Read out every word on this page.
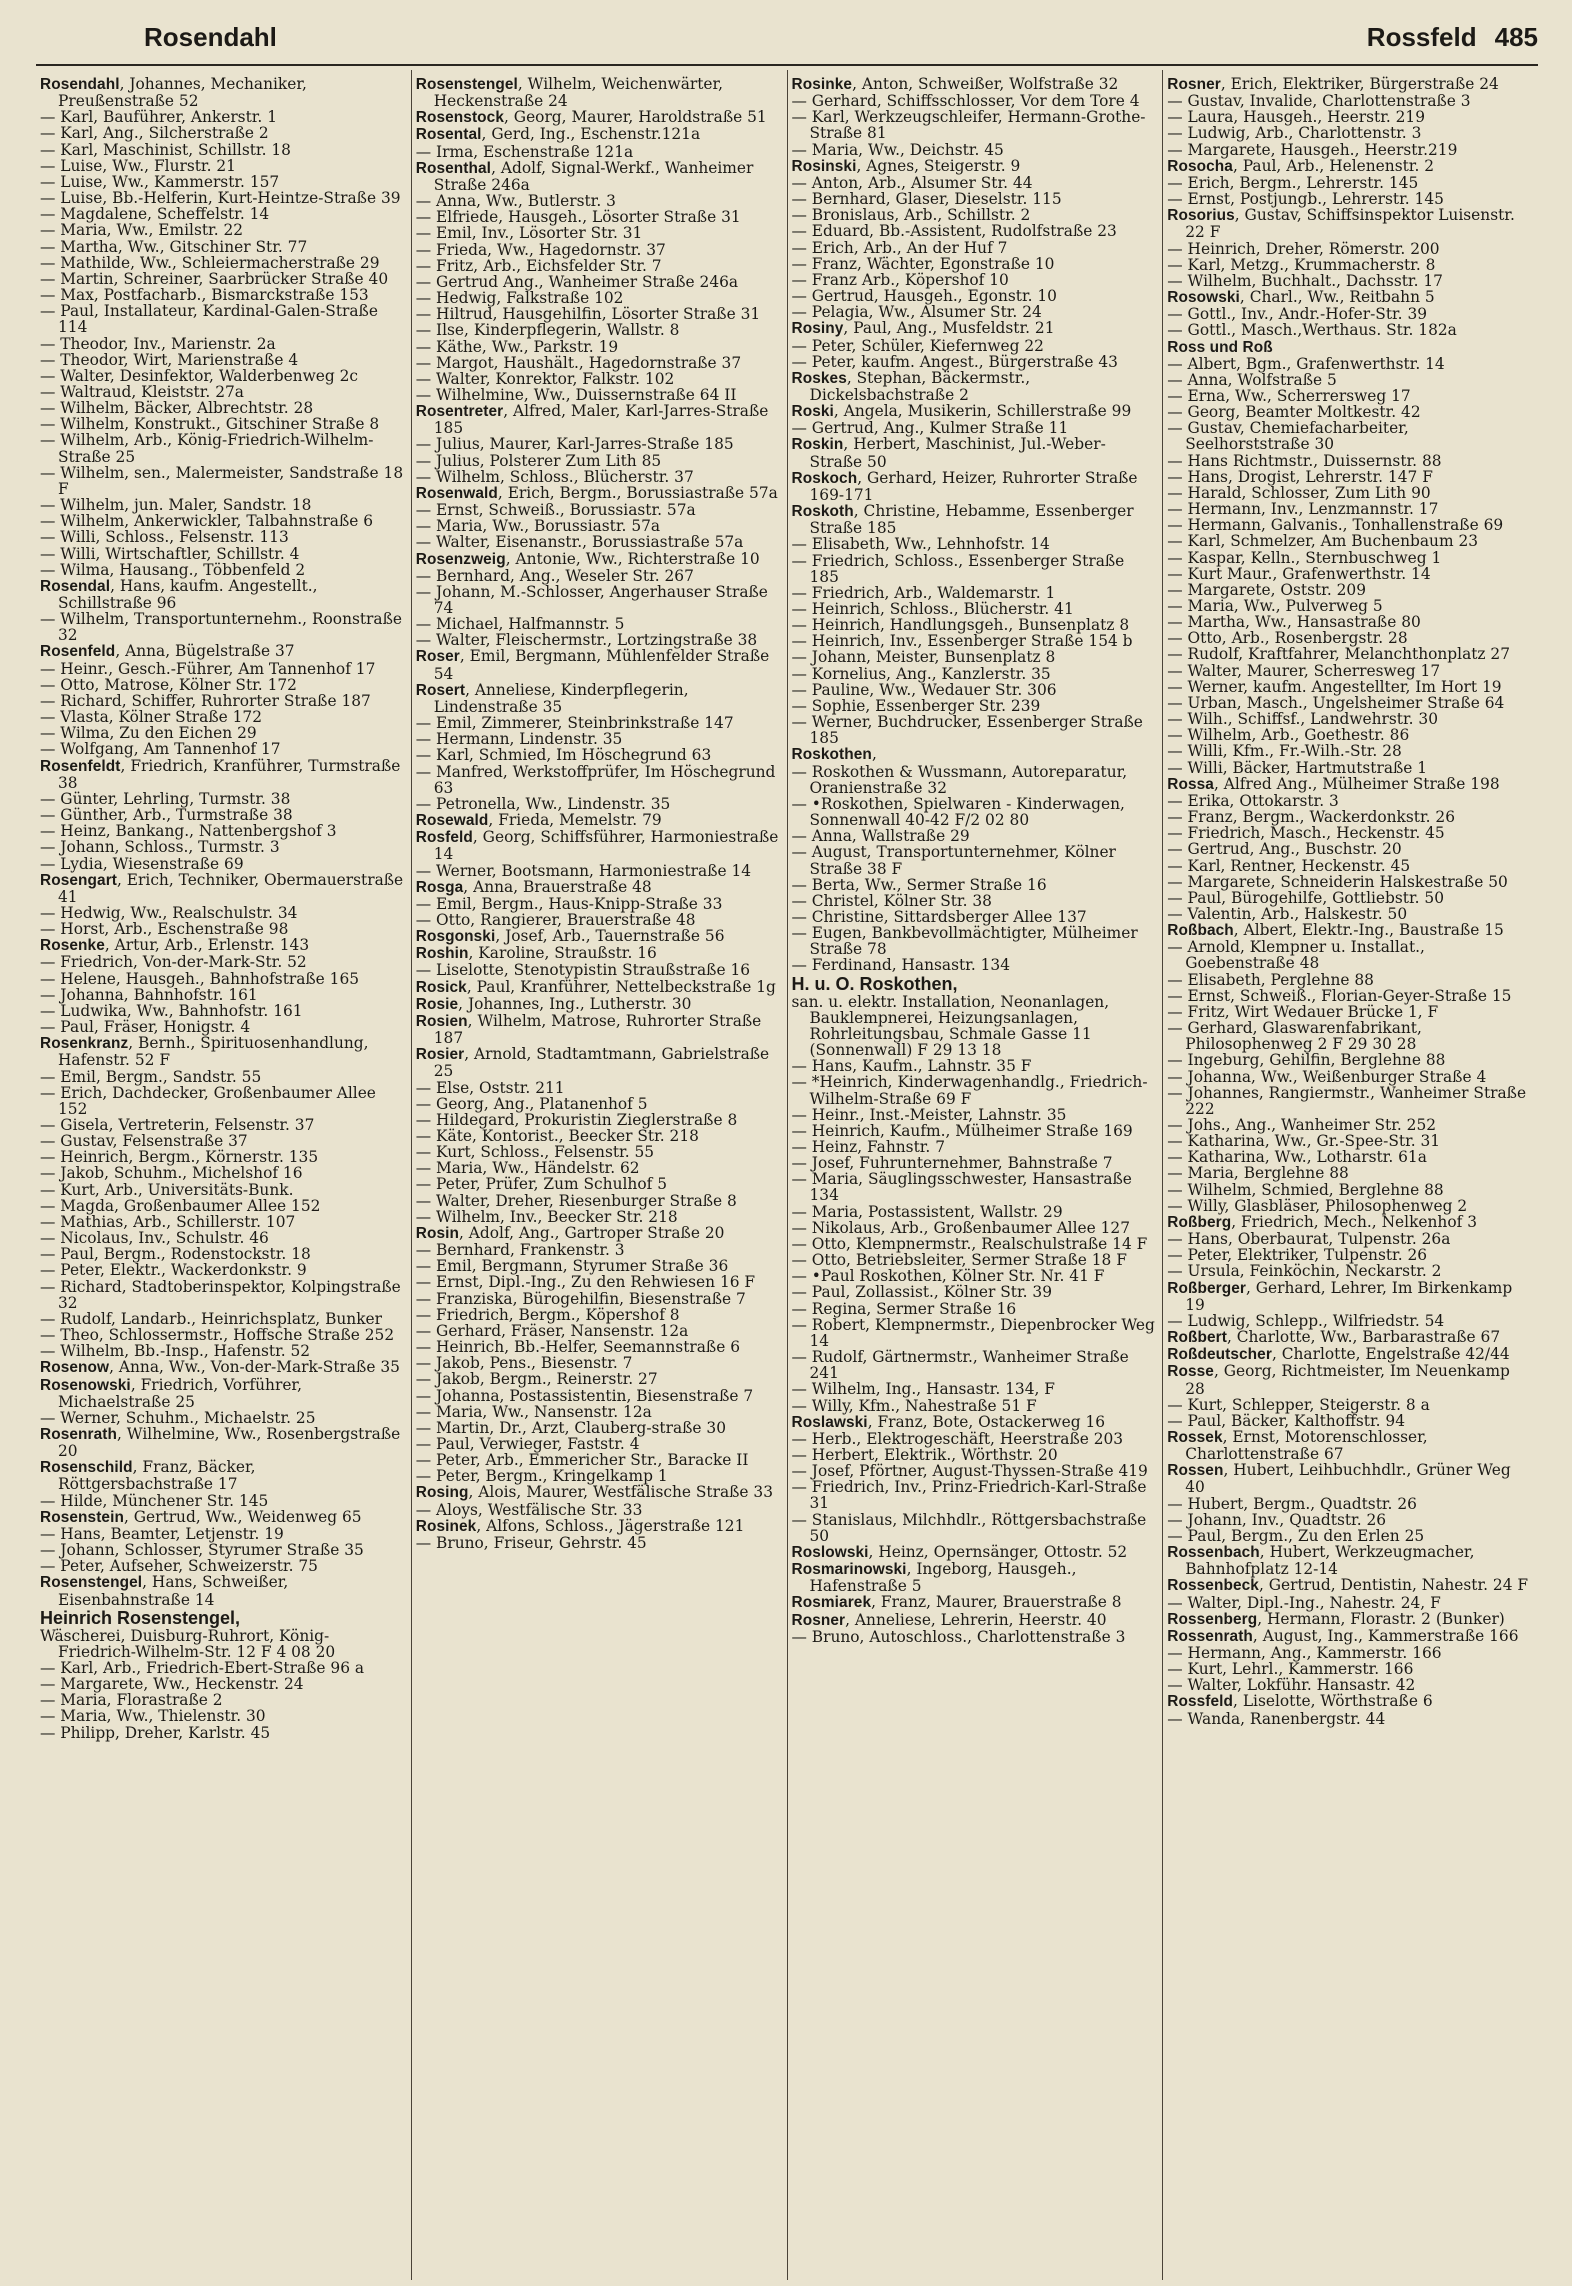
Rosendahl	Rossfeld 485

Rosendahl, Johannes, Mechaniker, Preußenstraße 52

— Karl, Bauführer, Ankerstr. 1

— Karl, Ang., Silcherstraße 2

— Karl, Maschinist, Schillstr. 18

— Luise, Ww., Flurstr. 21

— Luise, Ww., Kammerstr. 157

— Luise, Bb.-Helferin, Kurt-Heintze-Straße 39

— Magdalene, Scheffelstr. 14

— Maria, Ww., Emilstr. 22

— Martha, Ww., Gitschiner Str. 77

— Mathilde, Ww., Schleiermacherstraße 29

— Martin, Schreiner, Saarbrücker Straße 40

— Max, Postfacharb., Bismarckstraße 153

— Paul, Installateur, Kardinal-Galen-Straße 114

— Theodor, Inv., Marienstr. 2a

— Theodor, Wirt, Marienstraße 4

— Walter, Desinfektor, Walderbenweg 2c

— Waltraud, Kleiststr. 27a

— Wilhelm, Bäcker, Albrechtstr. 28

— Wilhelm, Konstrukt., Gitschiner Straße 8

— Wilhelm, Arb., König-Friedrich-Wilhelm-Straße 25

— Wilhelm, sen., Malermeister, Sandstraße 18 F

— Wilhelm, jun. Maler, Sandstr. 18

— Wilhelm, Ankerwickler, Talbahnstraße 6

— Willi, Schloss., Felsenstr. 113

— Willi, Wirtschaftler, Schillstr. 4

— Wilma, Hausang., Többenfeld 2

Rosendal, Hans, kaufm. Angestellt., Schillstraße 96

— Wilhelm, Transportunternehm., Roonstraße 32

Rosenfeld, Anna, Bügelstraße 37

— Heinr., Gesch.-Führer, Am Tannenhof 17

— Otto, Matrose, Kölner Str. 172

— Richard, Schiffer, Ruhrorter Straße 187

— Vlasta, Kölner Straße 172

— Wilma, Zu den Eichen 29

— Wolfgang, Am Tannenhof 17

Rosenfeldt, Friedrich, Kranführer, Turmstraße 38

— Günter, Lehrling, Turmstr. 38

— Günther, Arb., Turmstraße 38

— Heinz, Bankang., Nattenbergshof 3

— Johann, Schloss., Turmstr. 3

— Lydia, Wiesenstraße 69

Rosengart, Erich, Techniker, Obermauerstraße 41

— Hedwig, Ww., Realschulstr. 34

— Horst, Arb., Eschenstraße 98

Rosenke, Artur, Arb., Erlenstr. 143

— Friedrich, Von-der-Mark-Str. 52

— Helene, Hausgeh., Bahnhofstraße 165

— Johanna, Bahnhofstr. 161

— Ludwika, Ww., Bahnhofstr. 161

— Paul, Fräser, Honigstr. 4

Rosenkranz, Bernh., Spirituosenhandlung, Hafenstr. 52 F

— Emil, Bergm., Sandstr. 55

— Erich, Dachdecker, Großenbaumer Allee 152

— Gisela, Vertreterin, Felsenstr. 37

— Gustav, Felsenstraße 37

— Heinrich, Bergm., Körnerstr. 135

— Jakob, Schuhm., Michelshof 16

— Kurt, Arb., Universitäts-Bunk.

— Magda, Großenbaumer Allee 152

— Mathias, Arb., Schillerstr. 107

— Nicolaus, Inv., Schulstr. 46

— Paul, Bergm., Rodenstockstr. 18

— Peter, Elektr., Wackerdonkstr. 9

— Richard, Stadtoberinspektor, Kolpingstraße 32

— Rudolf, Landarb., Heinrichsplatz, Bunker

— Theo, Schlossermstr., Hoffsche Straße 252

— Wilhelm, Bb.-Insp., Hafenstr. 52

Rosenow, Anna, Ww., Von-der-Mark-Straße 35

Rosenowski, Friedrich, Vorführer, Michaelstraße 25

— Werner, Schuhm., Michaelstr. 25

Rosenrath, Wilhelmine, Ww., Rosenbergstraße 20

Rosenschild, Franz, Bäcker, Röttgersbachstraße 17

— Hilde, Münchener Str. 145

Rosenstein, Gertrud, Ww., Weidenweg 65

— Hans, Beamter, Letjenstr. 19

— Johann, Schlosser, Styrumer Straße 35

— Peter, Aufseher, Schweizerstr. 75

Rosenstengel, Hans, Schweißer, Eisenbahnstraße 14

Heinrich Rosenstengel,

Wäscherei, Duisburg-Ruhrort, König-Friedrich-Wilhelm-Str. 12 F 4 08 20

— Karl, Arb., Friedrich-Ebert-Straße 96 a

— Margarete, Ww., Heckenstr. 24

— Maria, Florastraße 2

— Maria, Ww., Thielenstr. 30

— Philipp, Dreher, Karlstr. 45

Rosenstengel, Wilhelm, Weichenwärter, Heckenstraße 24

Rosenstock, Georg, Maurer, Haroldstraße 51

Rosental, Gerd, Ing., Eschenstr.121a

— Irma, Eschenstraße 121a

Rosenthal, Adolf, Signal-Werkf., Wanheimer Straße 246a

— Anna, Ww., Butlerstr. 3

— Elfriede, Hausgeh., Lösorter Straße 31

— Emil, Inv., Lösorter Str. 31

— Frieda, Ww., Hagedornstr. 37

— Fritz, Arb., Eichsfelder Str. 7

— Gertrud Ang., Wanheimer Straße 246a

— Hedwig, Falkstraße 102

— Hiltrud, Hausgehilfin, Lösorter Straße 31

— Ilse, Kinderpflegerin, Wallstr. 8

— Käthe, Ww., Parkstr. 19

— Margot, Haushält., Hagedornstraße 37

— Walter, Konrektor, Falkstr. 102

— Wilhelmine, Ww., Duissernstraße 64 II

Rosentreter, Alfred, Maler, Karl-Jarres-Straße 185

— Julius, Maurer, Karl-Jarres-Straße 185

— Julius, Polsterer Zum Lith 85

— Wilhelm, Schloss., Blücherstr. 37

Rosenwald, Erich, Bergm., Borussiastraße 57a

— Ernst, Schweiß., Borussiastr. 57a

— Maria, Ww., Borussiastr. 57a

— Walter, Eisenanstr., Borussiastraße 57a

Rosenzweig, Antonie, Ww., Richterstraße 10

— Bernhard, Ang., Weseler Str. 267

— Johann, M.-Schlosser, Angerhauser Straße 74

— Michael, Halfmannstr. 5

— Walter, Fleischermstr., Lortzingstraße 38

Roser, Emil, Bergmann, Mühlenfelder Straße 54

Rosert, Anneliese, Kinderpflegerin, Lindenstraße 35

— Emil, Zimmerer, Steinbrinkstraße 147

— Hermann, Lindenstr. 35

— Karl, Schmied, Im Höschegrund 63

— Manfred, Werkstoffprüfer, Im Höschegrund 63

— Petronella, Ww., Lindenstr. 35

Rosewald, Frieda, Memelstr. 79

Rosfeld, Georg, Schiffsführer, Harmoniestraße 14

— Werner, Bootsmann, Harmoniestraße 14

Rosga, Anna, Brauerstraße 48

— Emil, Bergm., Haus-Knipp-Straße 33

— Otto, Rangierer, Brauerstraße 48

Rosgonski, Josef, Arb., Tauernstraße 56

Roshin, Karoline, Straußstr. 16

— Liselotte, Stenotypistin Straußstraße 16

Rosick, Paul, Kranführer, Nettelbeckstraße 1g

Rosie, Johannes, Ing., Lutherstr. 30

Rosien, Wilhelm, Matrose, Ruhrorter Straße 187

Rosier, Arnold, Stadtamtmann, Gabrielstraße 25

— Else, Oststr. 211

— Georg, Ang., Platanenhof 5

— Hildegard, Prokuristin Zieglerstraße 8

— Käte, Kontorist., Beecker Str. 218

— Kurt, Schloss., Felsenstr. 55

— Maria, Ww., Händelstr. 62

— Peter, Prüfer, Zum Schulhof 5

— Walter, Dreher, Riesenburger Straße 8

— Wilhelm, Inv., Beecker Str. 218

Rosin, Adolf, Ang., Gartroper Straße 20

— Bernhard, Frankenstr. 3

— Emil, Bergmann, Styrumer Straße 36

— Ernst, Dipl.-Ing., Zu den Rehwiesen 16 F

— Franziska, Bürogehilfin, Biesenstraße 7

— Friedrich, Bergm., Köpershof 8

— Gerhard, Fräser, Nansenstr. 12a

— Heinrich, Bb.-Helfer, Seemannstraße 6

— Jakob, Pens., Biesenstr. 7

— Jakob, Bergm., Reinerstr. 27

— Johanna, Postassistentin, Biesenstraße 7

— Maria, Ww., Nansenstr. 12a

— Martin, Dr., Arzt, Clauberg-straße 30

— Paul, Verwieger, Faststr. 4

— Peter, Arb., Emmericher Str., Baracke II

— Peter, Bergm., Kringelkamp 1

Rosing, Alois, Maurer, Westfälische Straße 33

— Aloys, Westfälische Str. 33

Rosinek, Alfons, Schloss., Jägerstraße 121

— Bruno, Friseur, Gehrstr. 45

Rosinke, Anton, Schweißer, Wolfstraße 32

— Gerhard, Schiffsschlosser, Vor dem Tore 4

— Karl, Werkzeugschleifer, Hermann-Grothe-Straße 81

— Maria, Ww., Deichstr. 45

Rosinski, Agnes, Steigerstr. 9

— Anton, Arb., Alsumer Str. 44

— Bernhard, Glaser, Dieselstr. 115

— Bronislaus, Arb., Schillstr. 2

— Eduard, Bb.-Assistent, Rudolfstraße 23

— Erich, Arb., An der Huf 7

— Franz, Wächter, Egonstraße 10

— Franz Arb., Köpershof 10

— Gertrud, Hausgeh., Egonstr. 10

— Pelagia, Ww., Alsumer Str. 24

Rosiny, Paul, Ang., Musfeldstr. 21

— Peter, Schüler, Kiefernweg 22

— Peter, kaufm. Angest., Bürgerstraße 43

Roskes, Stephan, Bäckermstr., Dickelsbachstraße 2

Roski, Angela, Musikerin, Schillerstraße 99

— Gertrud, Ang., Kulmer Straße 11

Roskin, Herbert, Maschinist, Jul.-Weber-Straße 50

Roskoch, Gerhard, Heizer, Ruhrorter Straße 169-171

Roskoth, Christine, Hebamme, Essenberger Straße 185

— Elisabeth, Ww., Lehnhofstr. 14

— Friedrich, Schloss., Essenberger Straße 185

— Friedrich, Arb., Waldemarstr. 1

— Heinrich, Schloss., Blücherstr. 41

— Heinrich, Handlungsgeh., Bunsenplatz 8

— Heinrich, Inv., Essenberger Straße 154 b

— Johann, Meister, Bunsenplatz 8

— Kornelius, Ang., Kanzlerstr. 35

— Pauline, Ww., Wedauer Str. 306

— Sophie, Essenberger Str. 239

— Werner, Buchdrucker, Essenberger Straße 185

Roskothen,

— Roskothen & Wussmann, Autoreparatur, Oranienstraße 32

— •Roskothen, Spielwaren - Kinderwagen, Sonnenwall 40-42 F/2 02 80

— Anna, Wallstraße 29

— August, Transportunternehmer, Kölner Straße 38 F

— Berta, Ww., Sermer Straße 16

— Christel, Kölner Str. 38

— Christine, Sittardsberger Allee 137

— Eugen, Bankbevollmächtigter, Mülheimer Straße 78

— Ferdinand, Hansastr. 134

H. u. O. Roskothen,

san. u. elektr. Installation, Neonanlagen, Bauklempnerei, Heizungsanlagen, Rohrleitungsbau, Schmale Gasse 11 (Sonnenwall) F 29 13 18

— Hans, Kaufm., Lahnstr. 35 F

— *Heinrich, Kinderwagenhandlg., Friedrich-Wilhelm-Straße 69 F

— Heinr., Inst.-Meister, Lahnstr. 35

— Heinrich, Kaufm., Mülheimer Straße 169

— Heinz, Fahnstr. 7

— Josef, Fuhrunternehmer, Bahnstraße 7

— Maria, Säuglingsschwester, Hansastraße 134

— Maria, Postassistent, Wallstr. 29

— Nikolaus, Arb., Großenbaumer Allee 127

— Otto, Klempnermstr., Realschulstraße 14 F

— Otto, Betriebsleiter, Sermer Straße 18 F

— •Paul Roskothen, Kölner Str. Nr. 41 F

— Paul, Zollassist., Kölner Str. 39

— Regina, Sermer Straße 16

— Robert, Klempnermstr., Diepenbrocker Weg 14

— Rudolf, Gärtnermstr., Wanheimer Straße 241

— Wilhelm, Ing., Hansastr. 134, F

— Willy, Kfm., Nahestraße 51 F

Roslawski, Franz, Bote, Ostackerweg 16

— Herb., Elektrogeschäft, Heerstraße 203

— Herbert, Elektrik., Wörthstr. 20

— Josef, Pförtner, August-Thyssen-Straße 419

— Friedrich, Inv., Prinz-Friedrich-Karl-Straße 31

— Stanislaus, Milchhdlr., Röttgersbachstraße 50

Roslowski, Heinz, Opernsänger, Ottostr. 52

Rosmarinowski, Ingeborg, Hausgeh., Hafenstraße 5

Rosmiarek, Franz, Maurer, Brauerstraße 8

Rosner, Anneliese, Lehrerin, Heerstr. 40

— Bruno, Autoschloss., Charlottenstraße 3

Rosner, Erich, Elektriker, Bürgerstraße 24

— Gustav, Invalide, Charlottenstraße 3

— Laura, Hausgeh., Heerstr. 219

— Ludwig, Arb., Charlottenstr. 3

— Margarete, Hausgeh., Heerstr.219

Rosocha, Paul, Arb., Helenenstr. 2

— Erich, Bergm., Lehrerstr. 145

— Ernst, Postjungb., Lehrerstr. 145

Rosorius, Gustav, Schiffsinspektor Luisenstr. 22 F

— Heinrich, Dreher, Römerstr. 200

— Karl, Metzg., Krummacherstr. 8

— Wilhelm, Buchhalt., Dachsstr. 17

Rosowski, Charl., Ww., Reitbahn 5

— Gottl., Inv., Andr.-Hofer-Str. 39

— Gottl., Masch.,Werthaus. Str. 182a

Ross und Roß

— Albert, Bgm., Grafenwerthstr. 14

— Anna, Wolfstraße 5

— Erna, Ww., Scherrersweg 17

— Georg, Beamter Moltkestr. 42

— Gustav, Chemiefacharbeiter, Seelhorststraße 30

— Hans Richtmstr., Duissernstr. 88

— Hans, Drogist, Lehrerstr. 147 F

— Harald, Schlosser, Zum Lith 90

— Hermann, Inv., Lenzmannstr. 17

— Hermann, Galvanis., Tonhallenstraße 69

— Karl, Schmelzer, Am Buchenbaum 23

— Kaspar, Kelln., Sternbuschweg 1

— Kurt Maur., Grafenwerthstr. 14

— Margarete, Oststr. 209

— Maria, Ww., Pulverweg 5

— Martha, Ww., Hansastraße 80

— Otto, Arb., Rosenbergstr. 28

— Rudolf, Kraftfahrer, Melanchthonplatz 27

— Walter, Maurer, Scherresweg 17

— Werner, kaufm. Angestellter, Im Hort 19

— Urban, Masch., Ungelsheimer Straße 64

— Wilh., Schiffsf., Landwehrstr. 30

— Wilhelm, Arb., Goethestr. 86

— Willi, Kfm., Fr.-Wilh.-Str. 28

— Willi, Bäcker, Hartmutstraße 1

Rossa, Alfred Ang., Mülheimer Straße 198

— Erika, Ottokarstr. 3

— Franz, Bergm., Wackerdonkstr. 26

— Friedrich, Masch., Heckenstr. 45

— Gertrud, Ang., Buschstr. 20

— Karl, Rentner, Heckenstr. 45

— Margarete, Schneiderin Halskestraße 50

— Paul, Bürogehilfe, Gottliebstr. 50

— Valentin, Arb., Halskestr. 50

Roßbach, Albert, Elektr.-Ing., Baustraße 15

— Arnold, Klempner u. Installat., Goebenstraße 48

— Elisabeth, Perglehne 88

— Ernst, Schweiß., Florian-Geyer-Straße 15

— Fritz, Wirt Wedauer Brücke 1, F

— Gerhard, Glaswarenfabrikant, Philosophenweg 2 F 29 30 28

— Ingeburg, Gehilfin, Berglehne 88

— Johanna, Ww., Weißenburger Straße 4

— Johannes, Rangiermstr., Wanheimer Straße 222

— Johs., Ang., Wanheimer Str. 252

— Katharina, Ww., Gr.-Spee-Str. 31

— Katharina, Ww., Lotharstr. 61a

— Maria, Berglehne 88

— Wilhelm, Schmied, Berglehne 88

— Willy, Glasbläser, Philosophenweg 2

Roßberg, Friedrich, Mech., Nelkenhof 3

— Hans, Oberbaurat, Tulpenstr. 26a

— Peter, Elektriker, Tulpenstr. 26

— Ursula, Feinköchin, Neckarstr. 2

Roßberger, Gerhard, Lehrer, Im Birkenkamp 19

— Ludwig, Schlepp., Wilfriedstr. 54

Roßbert, Charlotte, Ww., Barbarastraße 67

Roßdeutscher, Charlotte, Engelstraße 42/44

Rosse, Georg, Richtmeister, Im Neuenkamp 28

— Kurt, Schlepper, Steigerstr. 8 a

— Paul, Bäcker, Kalthoffstr. 94

Rossek, Ernst, Motorenschlosser, Charlottenstraße 67

Rossen, Hubert, Leihbuchhdlr., Grüner Weg 40

— Hubert, Bergm., Quadtstr. 26

— Johann, Inv., Quadtstr. 26

— Paul, Bergm., Zu den Erlen 25

Rossenbach, Hubert, Werkzeugmacher, Bahnhofplatz 12-14

Rossenbeck, Gertrud, Dentistin, Nahestr. 24 F

— Walter, Dipl.-Ing., Nahestr. 24, F

Rossenberg, Hermann, Florastr. 2 (Bunker)

Rossenrath, August, Ing., Kammerstraße 166

— Hermann, Ang., Kammerstr. 166

— Kurt, Lehrl., Kammerstr. 166

— Walter, Lokführ. Hansastr. 42

Rossfeld, Liselotte, Wörthstraße 6

— Wanda, Ranenbergstr. 44
